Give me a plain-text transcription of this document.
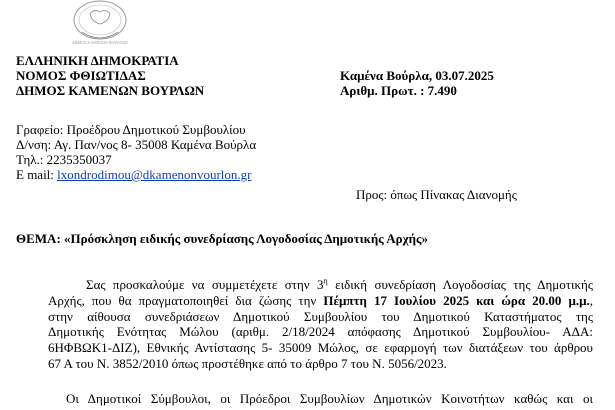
ΔΗΜΟΣ ΚΑΜΕΝΩΝ ΒΟΥΡΛΩΝ
ΕΛΛΗΝΙΚΗ ΔΗΜΟΚΡΑΤΙΑ
ΝΟΜΟΣ ΦΘΙΩΤΙΔΑΣ
ΔΗΜΟΣ ΚΑΜΕΝΩΝ ΒΟΥΡΛΩΝ
Καμένα Βούρλα, 03.07.2025
Αριθμ. Πρωτ. : 7.490
Γραφείο: Προέδρου Δημοτικού Συμβουλίου
Δ/νση: Αγ. Παν/νος 8- 35008 Καμένα Βούρλα
Τηλ.: 2235350037
E mail: lxondrodimou@dkamenonvourlon.gr
Προς: όπως Πίνακας Διανομής
ΘΕΜΑ: «Πρόσκληση ειδικής συνεδρίασης Λογοδοσίας Δημοτικής Αρχής»
Σας προσκαλούμε να συμμετέχετε στην $3^\eta$ ειδική συνεδρίαση Λογοδοσίας της Δημοτικής
Αρχής, που θα πραγματοποιηθεί δια ζώσης την Πέμπτη 17 Ιουλίου 2025 και ώρα 20.00 μ.μ.,
στην αίθουσα συνεδριάσεων Δημοτικού Συμβουλίου του Δημοτικού Καταστήματος της
Δημοτικής Ενότητας Μώλου (αριθμ. 2/18/2024 απόφασης Δημοτικού Συμβουλίου- ΑΔΑ:
6ΗΦΒΩΚ1-ΔΙΖ), Εθνικής Αντίστασης 5- 35009 Μώλος, σε εφαρμογή των διατάξεων του άρθρου
67 Α του Ν. 3852/2010 όπως προστέθηκε από το άρθρο 7 του Ν. 5056/2023.
Οι Δημοτικοί Σύμβουλοι, οι Πρόεδροι Συμβουλίων Δημοτικών Κοινοτήτων καθώς και οι
